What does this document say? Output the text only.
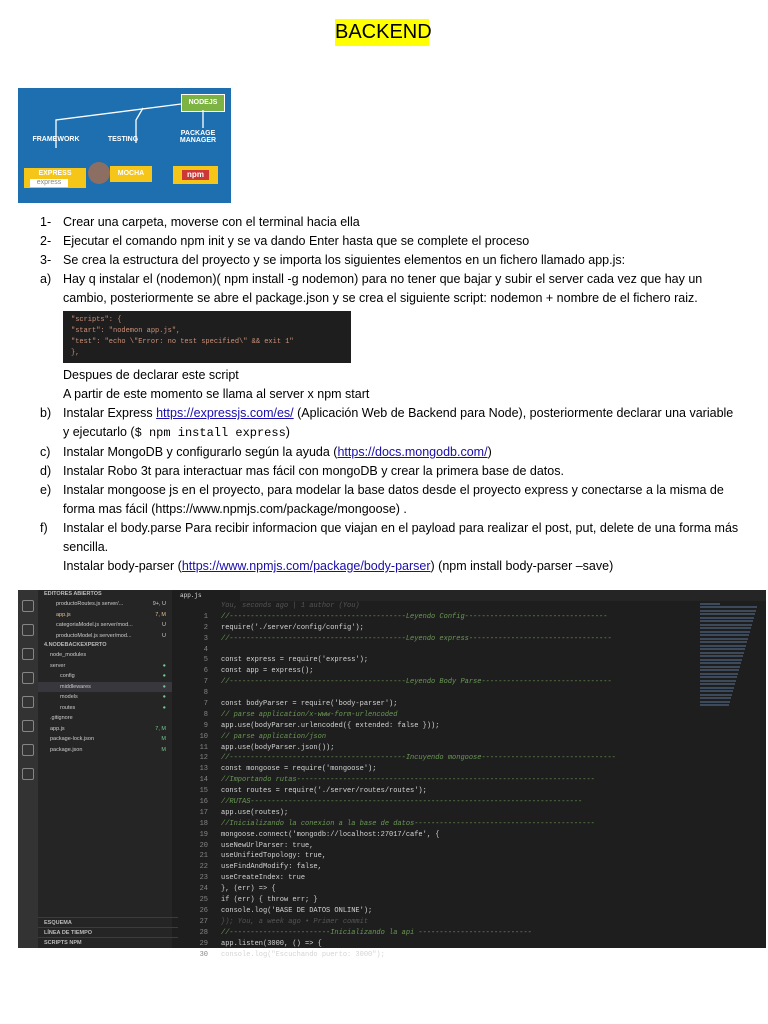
BACKEND
NODEJS
FRAMEWORK	TESTING
PACKAGE MANAGER
EXPRESS
express
MOCHA	npm
1- Crear una carpeta, moverse con el terminal hacia ella
2- Ejecutar el comando npm init y se va dando Enter hasta que se complete el proceso
3- Se crea la estructura del proyecto y se importa los siguientes elementos en un fichero llamado app.js:
a) Hay q instalar el (nodemon)( npm install -g nodemon) para no tener que bajar y subir el server cada vez que hay un cambio, posteriormente se abre el package.json y se crea el siguiente script: nodemon + nombre de el fichero raiz.
"scripts": {
"start": "nodemon app.js",
"test": "echo \"Error: no test specified\" && exit 1"
},
Despues de declarar este script
A partir de este momento se llama al server x npm start
b) Instalar Express https://expressjs.com/es/ (Aplicación Web de Backend para Node), posteriormente declarar una variable y ejecutarlo ($ npm install express)
c) Instalar MongoDB y configurarlo según la ayuda (https://docs.mongodb.com/)
d) Instalar Robo 3t para interactuar mas fácil con mongoDB y crear la primera base de datos.
e) Instalar mongoose js en el proyecto, para modelar la base datos desde el proyecto express y conectarse a la misma de forma mas fácil (https://www.npmjs.com/package/mongoose) .
f) Instalar el body.parse Para recibir informacion que viajan en el payload para realizar el post, put, delete de una forma más sencilla.
Instalar body-parser (https://www.npmjs.com/package/body-parser) (npm install body-parser –save)
EDITORES ABIERTOS
productoRoutes.js server/...	9+, U
app.js	7, M
categoriaModel.js server/mod...	U
productoModel.js server/mod...	U
4.NODEBACKEXPERTO
node_modules
server	●
config	●
middlewares	●
models	●
routes	●
.gitignore
app.js	7, M
package-lock.json	M
package.json	M
ESQUEMA
LÍNEA DE TIEMPO
SCRIPTS NPM
app.js
You, seconds ago | 1 author (You)
1 //------------------------------------------Leyendo Config----------------------------------
2 require('./server/config/config');
3 //------------------------------------------Leyendo express----------------------------------
4
5 const express = require('express');
6 const app = express();
7 //------------------------------------------Leyendo Body Parse-------------------------------
8
7 const bodyParser = require('body-parser');
8 // parse application/x-www-form-urlencoded
9 app.use(bodyParser.urlencoded({ extended: false }));
10 // parse application/json
11 app.use(bodyParser.json());
12 //------------------------------------------Incuyendo mongoose--------------------------------
13 const mongoose = require('mongoose');
14 //Importando rutas-----------------------------------------------------------------------
15 const routes = require('./server/routes/routes');
16 //RUTAS-------------------------------------------------------------------------------
17 app.use(routes);
18 //Inicializando la conexion a la base de datos-------------------------------------------
19 mongoose.connect('mongodb://localhost:27017/cafe', {
20 useNewUrlParser: true,
21 useUnifiedTopology: true,
22 useFindAndModify: false,
23 useCreateIndex: true
24 }, (err) => {
25 if (err) { throw err; }
26 console.log('BASE DE DATOS ONLINE');
27 }); You, a week ago • Primer commit
28 //------------------------Inicializando la api ---------------------------
29 app.listen(3000, () => {
30 console.log("Escuchando puerto: 3000");
